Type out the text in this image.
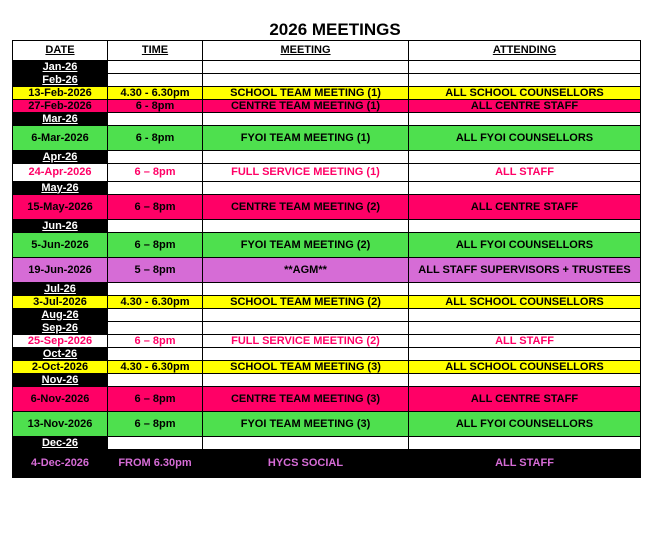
2026 MEETINGS
DATE	TIME	MEETING	ATTENDING
Jan-26			
Feb-26			
13-Feb-2026	4.30 - 6.30pm	SCHOOL TEAM MEETING (1)	ALL SCHOOL COUNSELLORS
27-Feb-2026	6 - 8pm	CENTRE TEAM MEETING (1)	ALL CENTRE STAFF
Mar-26			
6-Mar-2026	6 - 8pm	FYOI TEAM MEETING (1)	ALL FYOI COUNSELLORS
Apr-26			
24-Apr-2026	6 – 8pm	FULL SERVICE MEETING (1)	ALL STAFF
May-26			
15-May-2026	6 – 8pm	CENTRE TEAM MEETING (2)	ALL CENTRE STAFF
Jun-26			
5-Jun-2026	6 – 8pm	FYOI TEAM MEETING (2)	ALL FYOI COUNSELLORS
19-Jun-2026	5 – 8pm	**AGM**	ALL STAFF SUPERVISORS + TRUSTEES
Jul-26			
3-Jul-2026	4.30 - 6.30pm	SCHOOL TEAM MEETING (2)	ALL SCHOOL COUNSELLORS
Aug-26			
Sep-26			
25-Sep-2026	6 – 8pm	FULL SERVICE MEETING (2)	ALL STAFF
Oct-26			
2-Oct-2026	4.30 - 6.30pm	SCHOOL TEAM MEETING (3)	ALL SCHOOL COUNSELLORS
Nov-26			
6-Nov-2026	6 – 8pm	CENTRE TEAM MEETING (3)	ALL CENTRE STAFF
13-Nov-2026	6 – 8pm	FYOI TEAM MEETING (3)	ALL FYOI COUNSELLORS
Dec-26			
4-Dec-2026	FROM 6.30pm	HYCS SOCIAL	ALL STAFF
